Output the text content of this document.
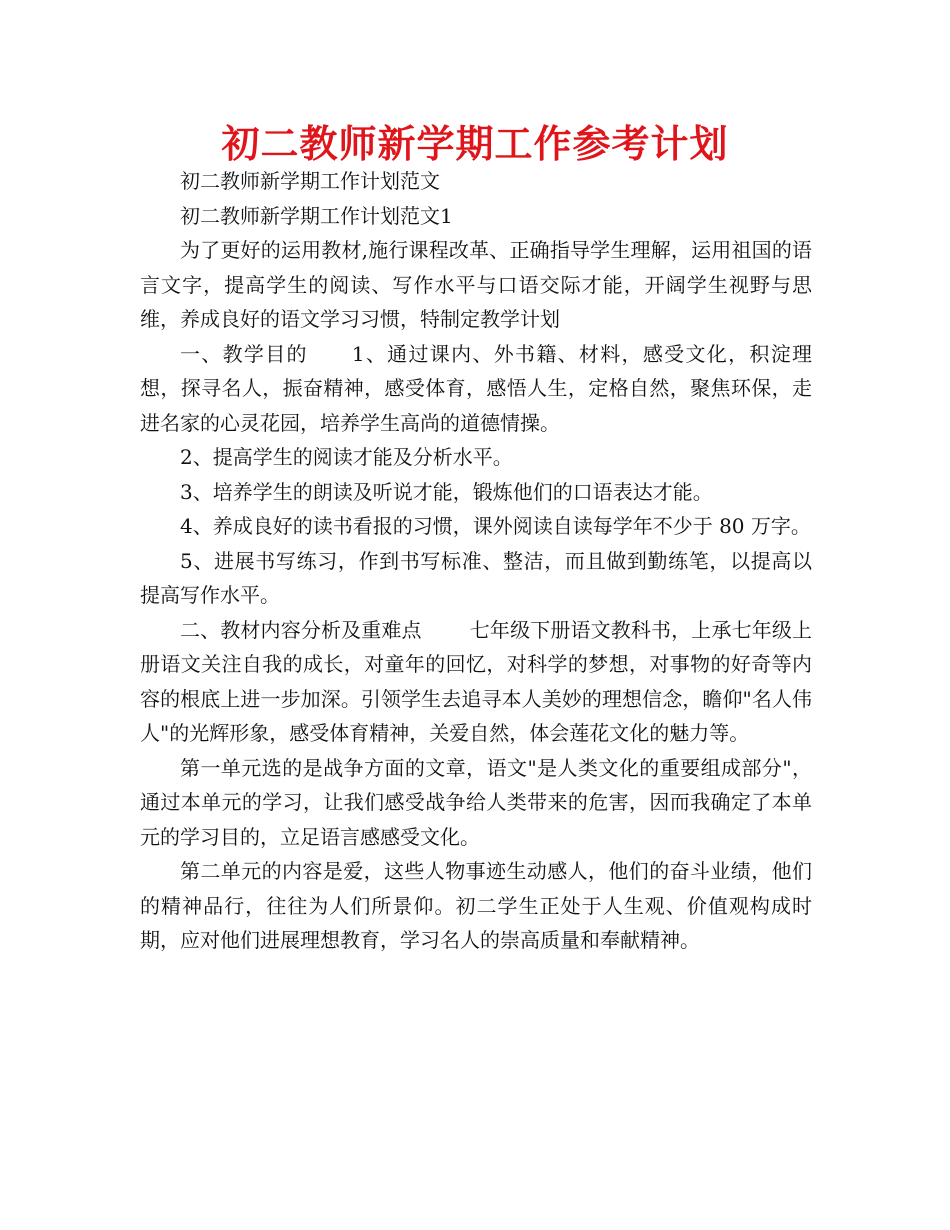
初二教师新学期工作参考计划

初二教师新学期工作计划范文

初二教师新学期工作计划范文1

为了更好的运用教材,施行课程改革、正确指导学生理解，运用祖国的语言文字，提高学生的阅读、写作水平与口语交际才能，开阔学生视野与思维，养成良好的语文学习习惯，特制定教学计划

一、教学目的 1、通过课内、外书籍、材料，感受文化，积淀理想，探寻名人，振奋精神，感受体育，感悟人生，定格自然，聚焦环保，走进名家的心灵花园，培养学生高尚的道德情操。

2、提高学生的阅读才能及分析水平。

3、培养学生的朗读及听说才能，锻炼他们的口语表达才能。

4、养成良好的读书看报的习惯，课外阅读自读每学年不少于 80 万字。

5、进展书写练习，作到书写标准、整洁，而且做到勤练笔，以提高以提高写作水平。

二、教材内容分析及重难点 七年级下册语文教科书，上承七年级上册语文关注自我的成长，对童年的回忆，对科学的梦想，对事物的好奇等内容的根底上进一步加深。引领学生去追寻本人美妙的理想信念，瞻仰"名人伟人"的光辉形象，感受体育精神，关爱自然，体会莲花文化的魅力等。

第一单元选的是战争方面的文章，语文"是人类文化的重要组成部分"，通过本单元的学习，让我们感受战争给人类带来的危害，因而我确定了本单元的学习目的，立足语言感感受文化。

第二单元的内容是爱，这些人物事迹生动感人，他们的奋斗业绩，他们的精神品行，往往为人们所景仰。初二学生正处于人生观、价值观构成时期，应对他们进展理想教育，学习名人的崇高质量和奉献精神。
